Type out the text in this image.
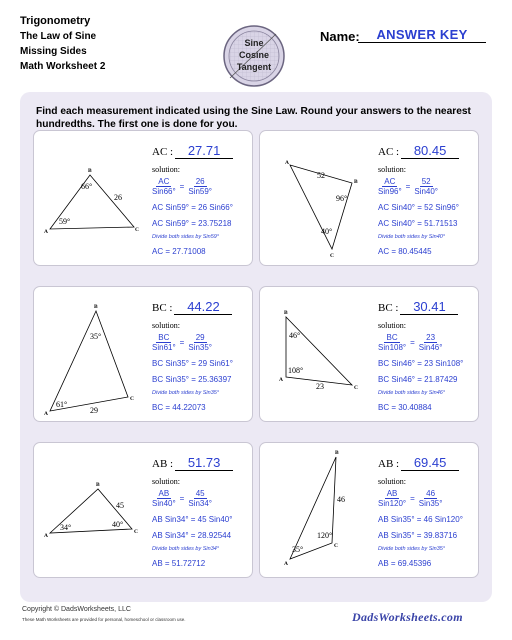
Trigonometry
The Law of Sine
Missing Sides
Math Worksheet 2
Sine
Cosine
Tangent
Name:	ANSWER KEY
Find each measurement indicated using the Sine Law. Round your answers to the nearest hundredths. The first one is done for you.
A
B
C
66°
59°
26
AC : 27.71
solution:
AC
Sin66°
=
26
Sin59°
AC Sin59° = 26 Sin66°
AC Sin59° = 23.75218
Divide both sides by Sin59°
AC = 27.71008
A
B
C
96°
40°
52
AC : 80.45
solution:
AC
Sin96°
=
52
Sin40°
AC Sin40° = 52 Sin96°
AC Sin40° = 51.71513
Divide both sides by Sin40°
AC = 80.45445
B
A
C
35°
61°
29
BC : 44.22
solution:
BC
Sin61°
=
29
Sin35°
BC Sin35° = 29 Sin61°
BC Sin35° = 25.36397
Divide both sides by Sin35°
BC = 44.22073
B
A
C
46°
108°
23
BC : 30.41
solution:
BC
Sin108°
=
23
Sin46°
BC Sin46° = 23 Sin108°
BC Sin46° = 21.87429
Divide both sides by Sin46°
BC = 30.40884
A
B
C
34°	40°
45
AB : 51.73
solution:
AB
Sin40°
=
45
Sin34°
AB Sin34° = 45 Sin40°
AB Sin34° = 28.92544
Divide both sides by Sin34°
AB = 51.72712
B
A
C
120°
35°
46
AB : 69.45
solution:
AB
Sin120°
=
46
Sin35°
AB Sin35° = 46 Sin120°
AB Sin35° = 39.83716
Divide both sides by Sin35°
AB = 69.45396
Copyright © DadsWorksheets, LLC
These Math Worksheets are provided for personal, homeschool or classroom use.	DadsWorksheets.com
